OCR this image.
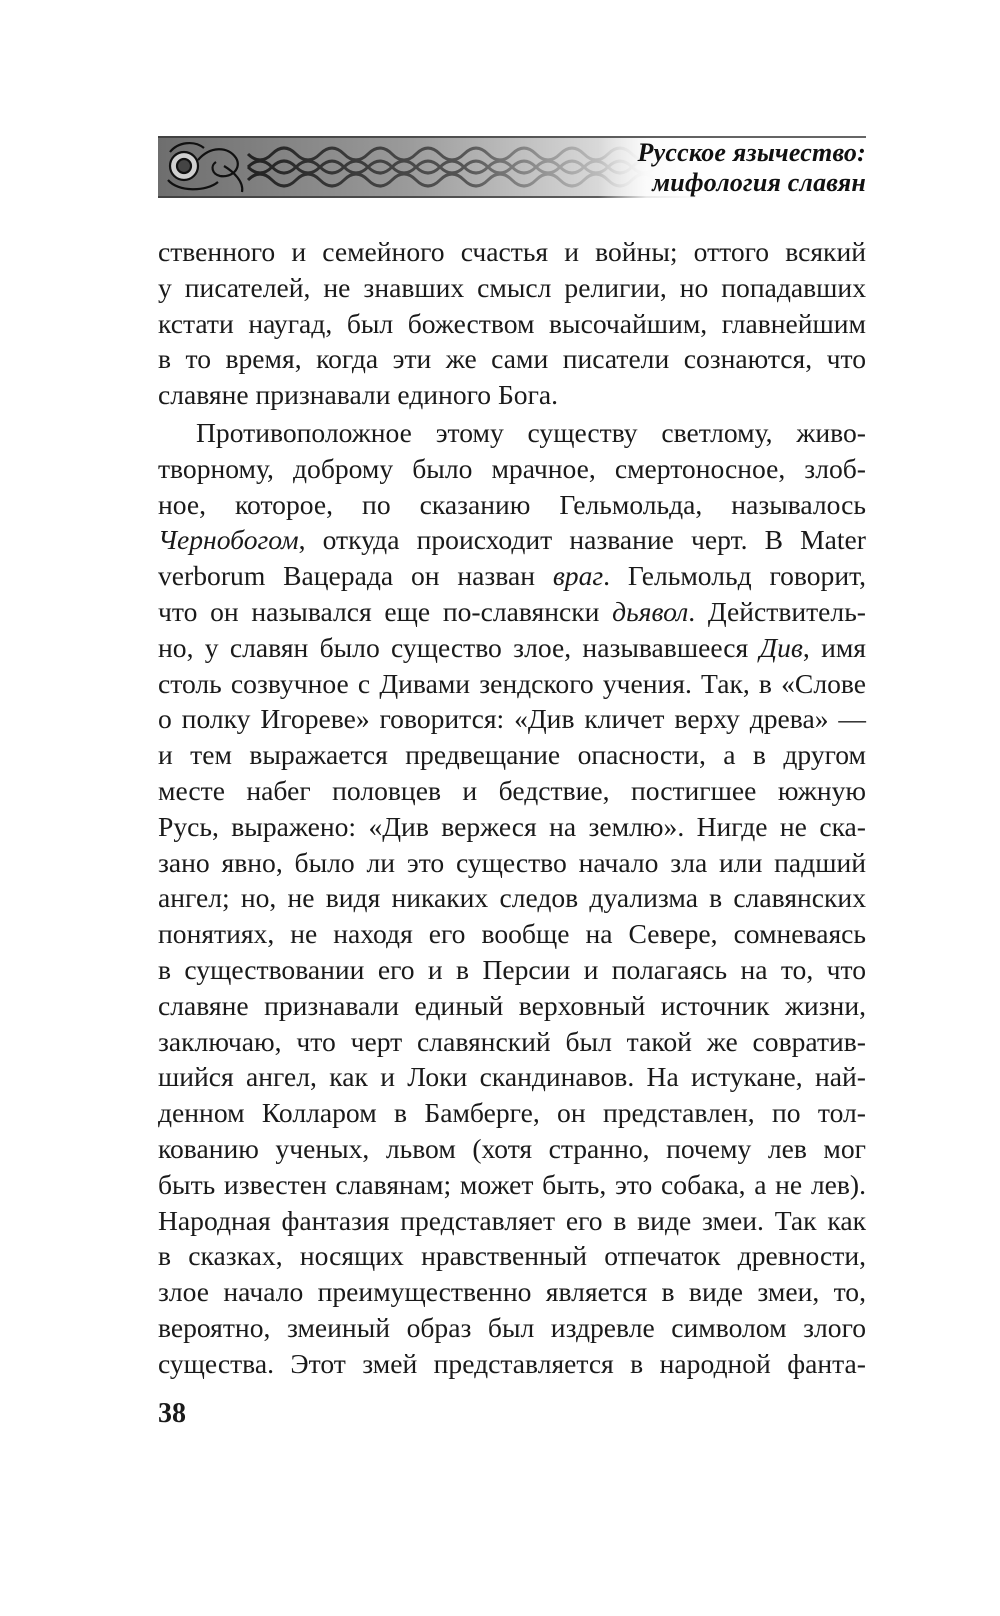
Русское язычество:
мифология славян
ственного и семейного счастья и войны; оттого всякий
у писателей, не знавших смысл религии, но попадавших
кстати наугад, был божеством высочайшим, главнейшим
в то время, когда эти же сами писатели сознаются, что
славяне признавали единого Бога.
Противоположное этому существу светлому, живо-
творному, доброму было мрачное, смертоносное, злоб-
ное, которое, по сказанию Гельмольда, называлось
Чернобогом, откуда происходит название черт. В Mater
verborum Вацерада он назван враг. Гельмольд говорит,
что он назывался еще по-славянски дьявол. Действитель-
но, у славян было существо злое, называвшееся Див, имя
столь созвучное с Дивами зендского учения. Так, в «Слове
о полку Игореве» говорится: «Див кличет верху древа» —
и тем выражается предвещание опасности, а в другом
месте набег половцев и бедствие, постигшее южную
Русь, выражено: «Див вержеся на землю». Нигде не ска-
зано явно, было ли это существо начало зла или падший
ангел; но, не видя никаких следов дуализма в славянских
понятиях, не находя его вообще на Севере, сомневаясь
в существовании его и в Персии и полагаясь на то, что
славяне признавали единый верховный источник жизни,
заключаю, что черт славянский был такой же совратив-
шийся ангел, как и Локи скандинавов. На истукане, най-
денном Колларом в Бамберге, он представлен, по тол-
кованию ученых, львом (хотя странно, почему лев мог
быть известен славянам; может быть, это собака, а не лев).
Народная фантазия представляет его в виде змеи. Так как
в сказках, носящих нравственный отпечаток древности,
злое начало преимущественно является в виде змеи, то,
вероятно, змеиный образ был издревле символом злого
существа. Этот змей представляется в народной фанта-
38
